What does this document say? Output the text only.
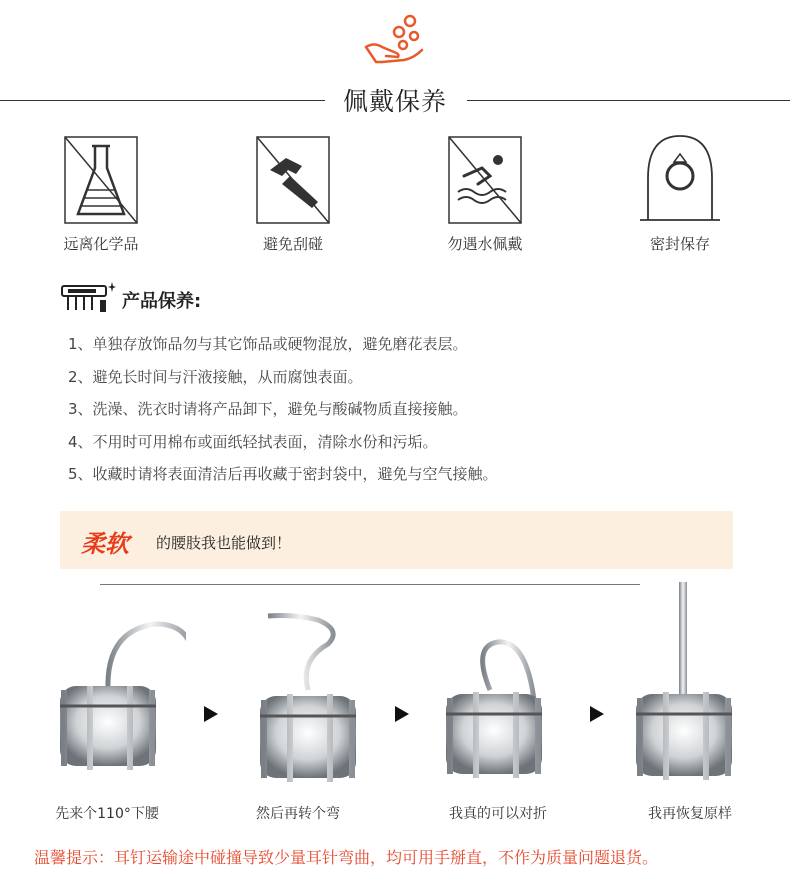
佩戴保养
远离化学品	避免刮碰	勿遇水佩戴	密封保存
产品保养:
1、单独存放饰品勿与其它饰品或硬物混放，避免磨花表层。
2、避免长时间与汗液接触，从而腐蚀表面。
3、洗澡、洗衣时请将产品卸下，避免与酸碱物质直接接触。
4、不用时可用棉布或面纸轻拭表面，清除水份和污垢。
5、收藏时请将表面清洁后再收藏于密封袋中，避免与空气接触。
柔软 的腰肢我也能做到！
先来个110°下腰	然后再转个弯	我真的可以对折	我再恢复原样
温馨提示：耳钉运输途中碰撞导致少量耳针弯曲，均可用手掰直，不作为质量问题退货。
